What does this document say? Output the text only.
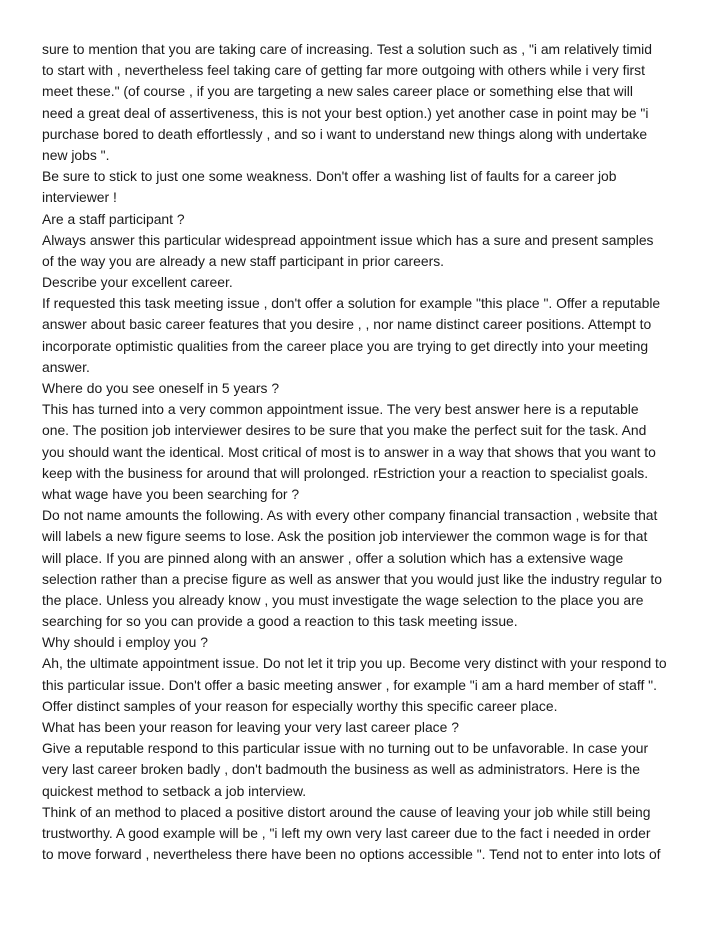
sure to mention that you are taking care of increasing. Test a solution such as , "i am relatively timid
to start with , nevertheless feel taking care of getting far more outgoing with others while i very first
meet these." (of course , if you are targeting a new sales career place or something else that will
need a great deal of assertiveness, this is not your best option.) yet another case in point may be "i
purchase bored to death effortlessly , and so i want to understand new things along with undertake
new jobs ".
Be sure to stick to just one some weakness. Don't offer a washing list of faults for a career job
interviewer !
Are a staff participant ?
Always answer this particular widespread appointment issue which has a sure and present samples
of the way you are already a new staff participant in prior careers.
Describe your excellent career.
If requested this task meeting issue , don't offer a solution for example "this place ". Offer a reputable
answer about basic career features that you desire , , nor name distinct career positions. Attempt to
incorporate optimistic qualities from the career place you are trying to get directly into your meeting
answer.
Where do you see oneself in 5 years ?
This has turned into a very common appointment issue. The very best answer here is a reputable
one. The position job interviewer desires to be sure that you make the perfect suit for the task. And
you should want the identical. Most critical of most is to answer in a way that shows that you want to
keep with the business for around that will prolonged. rEstriction your a reaction to specialist goals.
what wage have you been searching for ?
Do not name amounts the following. As with every other company financial transaction , website that
will labels a new figure seems to lose. Ask the position job interviewer the common wage is for that
will place. If you are pinned along with an answer , offer a solution which has a extensive wage
selection rather than a precise figure as well as answer that you would just like the industry regular to
the place. Unless you already know , you must investigate the wage selection to the place you are
searching for so you can provide a good a reaction to this task meeting issue.
Why should i employ you ?
Ah, the ultimate appointment issue. Do not let it trip you up. Become very distinct with your respond to
this particular issue. Don't offer a basic meeting answer , for example "i am a hard member of staff ".
Offer distinct samples of your reason for especially worthy this specific career place.
What has been your reason for leaving your very last career place ?
Give a reputable respond to this particular issue with no turning out to be unfavorable. In case your
very last career broken badly , don't badmouth the business as well as administrators. Here is the
quickest method to setback a job interview.
Think of an method to placed a positive distort around the cause of leaving your job while still being
trustworthy. A good example will be , "i left my own very last career due to the fact i needed in order
to move forward , nevertheless there have been no options accessible ". Tend not to enter into lots of
